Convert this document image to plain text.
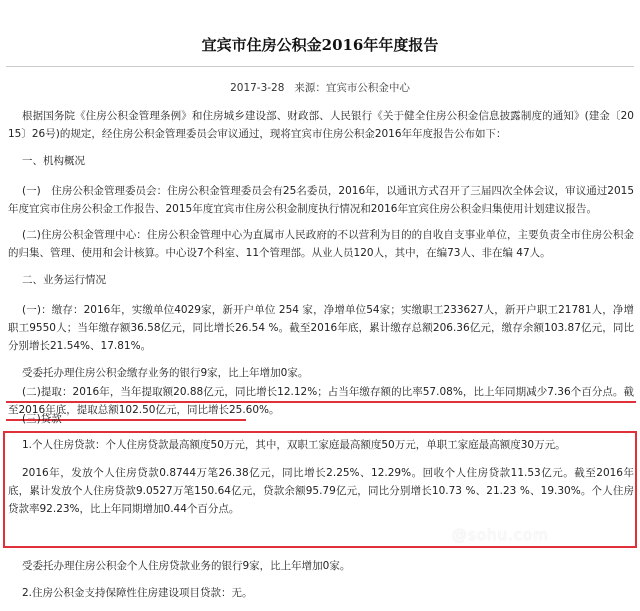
宜宾市住房公积金2016年年度报告
2017-3-28 来源：宜宾市公积金中心
根据国务院《住房公积金管理条例》和住房城乡建设部、财政部、人民银行《关于健全住房公积金信息披露制度的通知》(建金〔2015〕26号)的规定，经住房公积金管理委员会审议通过，现将宜宾市住房公积金2016年年度报告公布如下：
一、机构概况
(一)　住房公积金管理委员会：住房公积金管理委员会有25名委员，2016年，以通讯方式召开了三届四次全体会议，审议通过2015年度宜宾市住房公积金工作报告、2015年度宜宾市住房公积金制度执行情况和2016年宜宾住房公积金归集使用计划建议报告。
(二)住房公积金管理中心：住房公积金管理中心为直属市人民政府的不以营利为目的的自收自支事业单位，主要负责全市住房公积金的归集、管理、使用和会计核算。中心设7个科室、11个管理部。从业人员120人，其中，在编73人、非在编 47人。
二、业务运行情况
(一)：缴存：2016年，实缴单位4029家，新开户单位 254 家，净增单位54家；实缴职工233627人，新开户职工21781人，净增职工9550人；当年缴存额36.58亿元，同比增长26.54 %。截至2016年底，累计缴存总额206.36亿元，缴存余额103.87亿元，同比分别增长21.54%、17.81%。
受委托办理住房公积金缴存业务的银行9家，比上年增加0家。
(二)提取：2016年，当年提取额20.88亿元，同比增长12.12%；占当年缴存额的比率57.08%，比上年同期减少7.36个百分点。截至2016年底，提取总额102.50亿元，同比增长25.60%。
(三)贷款
1.个人住房贷款：个人住房贷款最高额度50万元，其中，双职工家庭最高额度50万元，单职工家庭最高额度30万元。
2016年，发放个人住房贷款0.8744万笔26.38亿元，同比增长2.25%、12.29%。回收个人住房贷款11.53亿元。截至2016年底，累计发放个人住房贷款9.0527万笔150.64亿元，贷款余额95.79亿元，同比分别增长10.73 %、21.23 %、19.30%。个人住房贷款率92.23%，比上年同期增加0.44个百分点。
受委托办理住房公积金个人住房贷款业务的银行9家，比上年增加0家。
2.住房公积金支持保障性住房建设项目贷款：无。
@sohu.com
